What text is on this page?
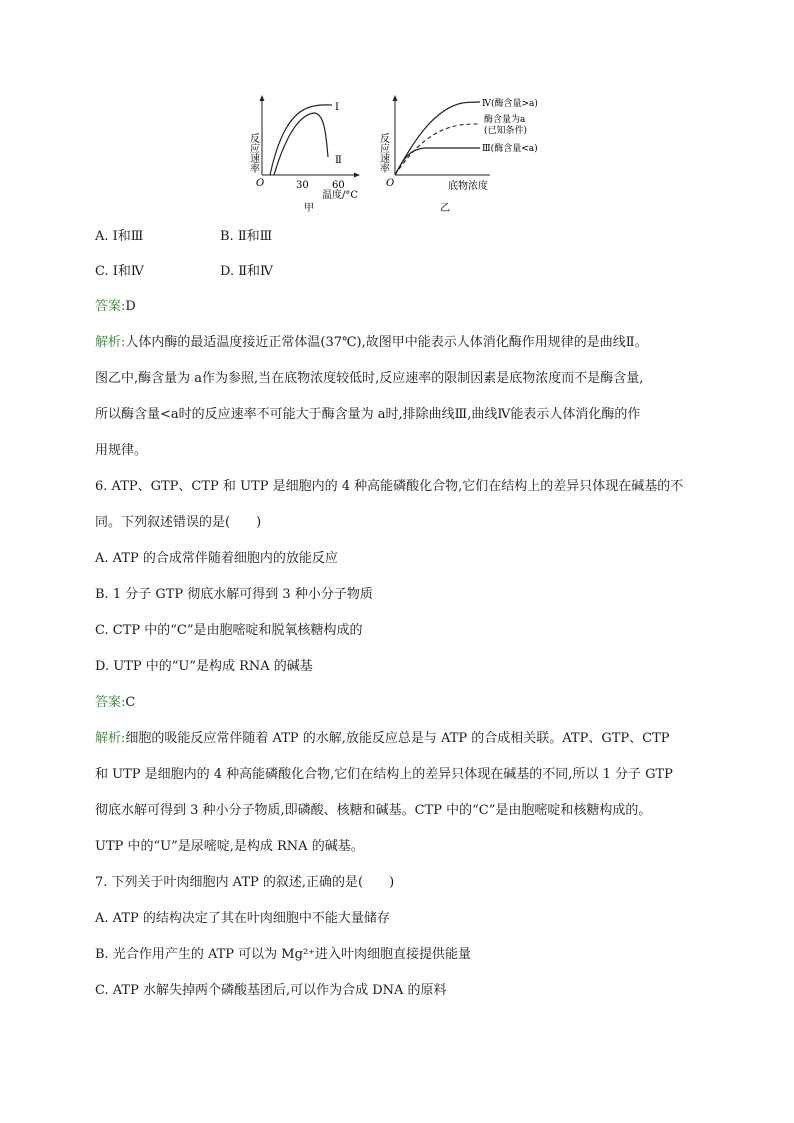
反应速率
O	30 60
温度/°C
甲
Ⅰ
Ⅱ	反应速率
O	底物浓度
乙
Ⅳ(酶含量>a)
酶含量为a
(已知条件)
Ⅲ(酶含量<a)
A. Ⅰ和Ⅲ	B. Ⅱ和Ⅲ
C. Ⅰ和Ⅳ	D. Ⅱ和Ⅳ
答案:D
解析:人体内酶的最适温度接近正常体温(37℃),故图甲中能表示人体消化酶作用规律的是曲线Ⅱ。
图乙中,酶含量为 a作为参照,当在底物浓度较低时,反应速率的限制因素是底物浓度而不是酶含量,
所以酶含量<a时的反应速率不可能大于酶含量为 a时,排除曲线Ⅲ,曲线Ⅳ能表示人体消化酶的作
用规律。
6. ATP、GTP、CTP 和 UTP 是细胞内的 4 种高能磷酸化合物,它们在结构上的差异只体现在碱基的不
同。下列叙述错误的是(　　)
A. ATP 的合成常伴随着细胞内的放能反应
B. 1 分子 GTP 彻底水解可得到 3 种小分子物质
C. CTP 中的“C”是由胞嘧啶和脱氧核糖构成的
D. UTP 中的“U”是构成 RNA 的碱基
答案:C
解析:细胞的吸能反应常伴随着 ATP 的水解,放能反应总是与 ATP 的合成相关联。ATP、GTP、CTP
和 UTP 是细胞内的 4 种高能磷酸化合物,它们在结构上的差异只体现在碱基的不同,所以 1 分子 GTP
彻底水解可得到 3 种小分子物质,即磷酸、核糖和碱基。CTP 中的“C”是由胞嘧啶和核糖构成的。
UTP 中的“U”是尿嘧啶,是构成 RNA 的碱基。
7. 下列关于叶肉细胞内 ATP 的叙述,正确的是(　　)
A. ATP 的结构决定了其在叶肉细胞中不能大量储存
B. 光合作用产生的 ATP 可以为 Mg²⁺进入叶肉细胞直接提供能量
C. ATP 水解失掉两个磷酸基团后,可以作为合成 DNA 的原料
